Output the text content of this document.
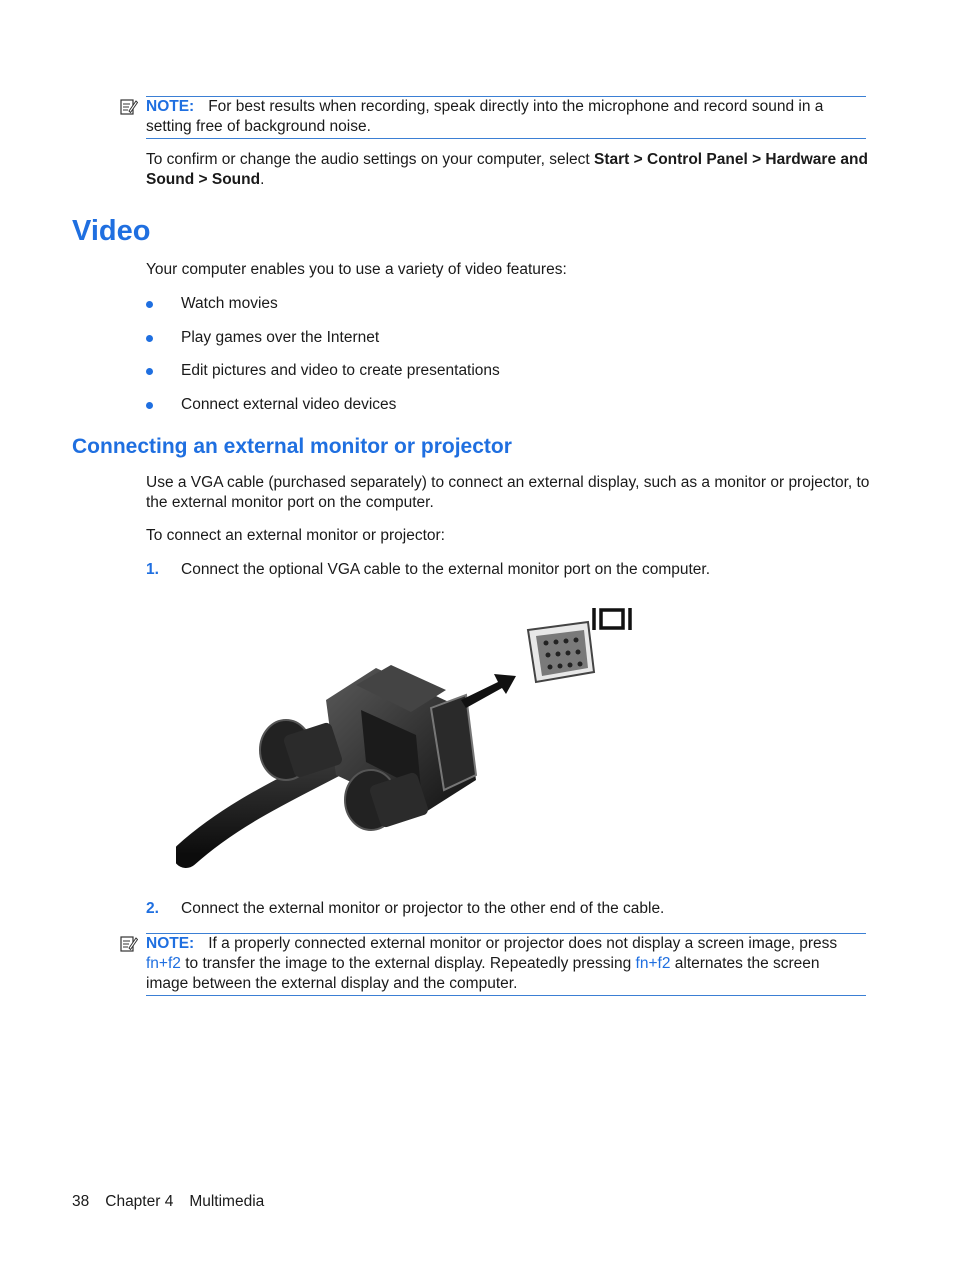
NOTE: For best results when recording, speak directly into the microphone and record sound in a setting free of background noise.
To confirm or change the audio settings on your computer, select Start > Control Panel > Hardware and Sound > Sound.
Video
Your computer enables you to use a variety of video features:
Watch movies
Play games over the Internet
Edit pictures and video to create presentations
Connect external video devices
Connecting an external monitor or projector
Use a VGA cable (purchased separately) to connect an external display, such as a monitor or projector, to the external monitor port on the computer.
To connect an external monitor or projector:
1. Connect the optional VGA cable to the external monitor port on the computer.
2. Connect the external monitor or projector to the other end of the cable.
NOTE: If a properly connected external monitor or projector does not display a screen image, press fn+f2 to transfer the image to the external display. Repeatedly pressing fn+f2 alternates the screen image between the external display and the computer.
38 Chapter 4 Multimedia
